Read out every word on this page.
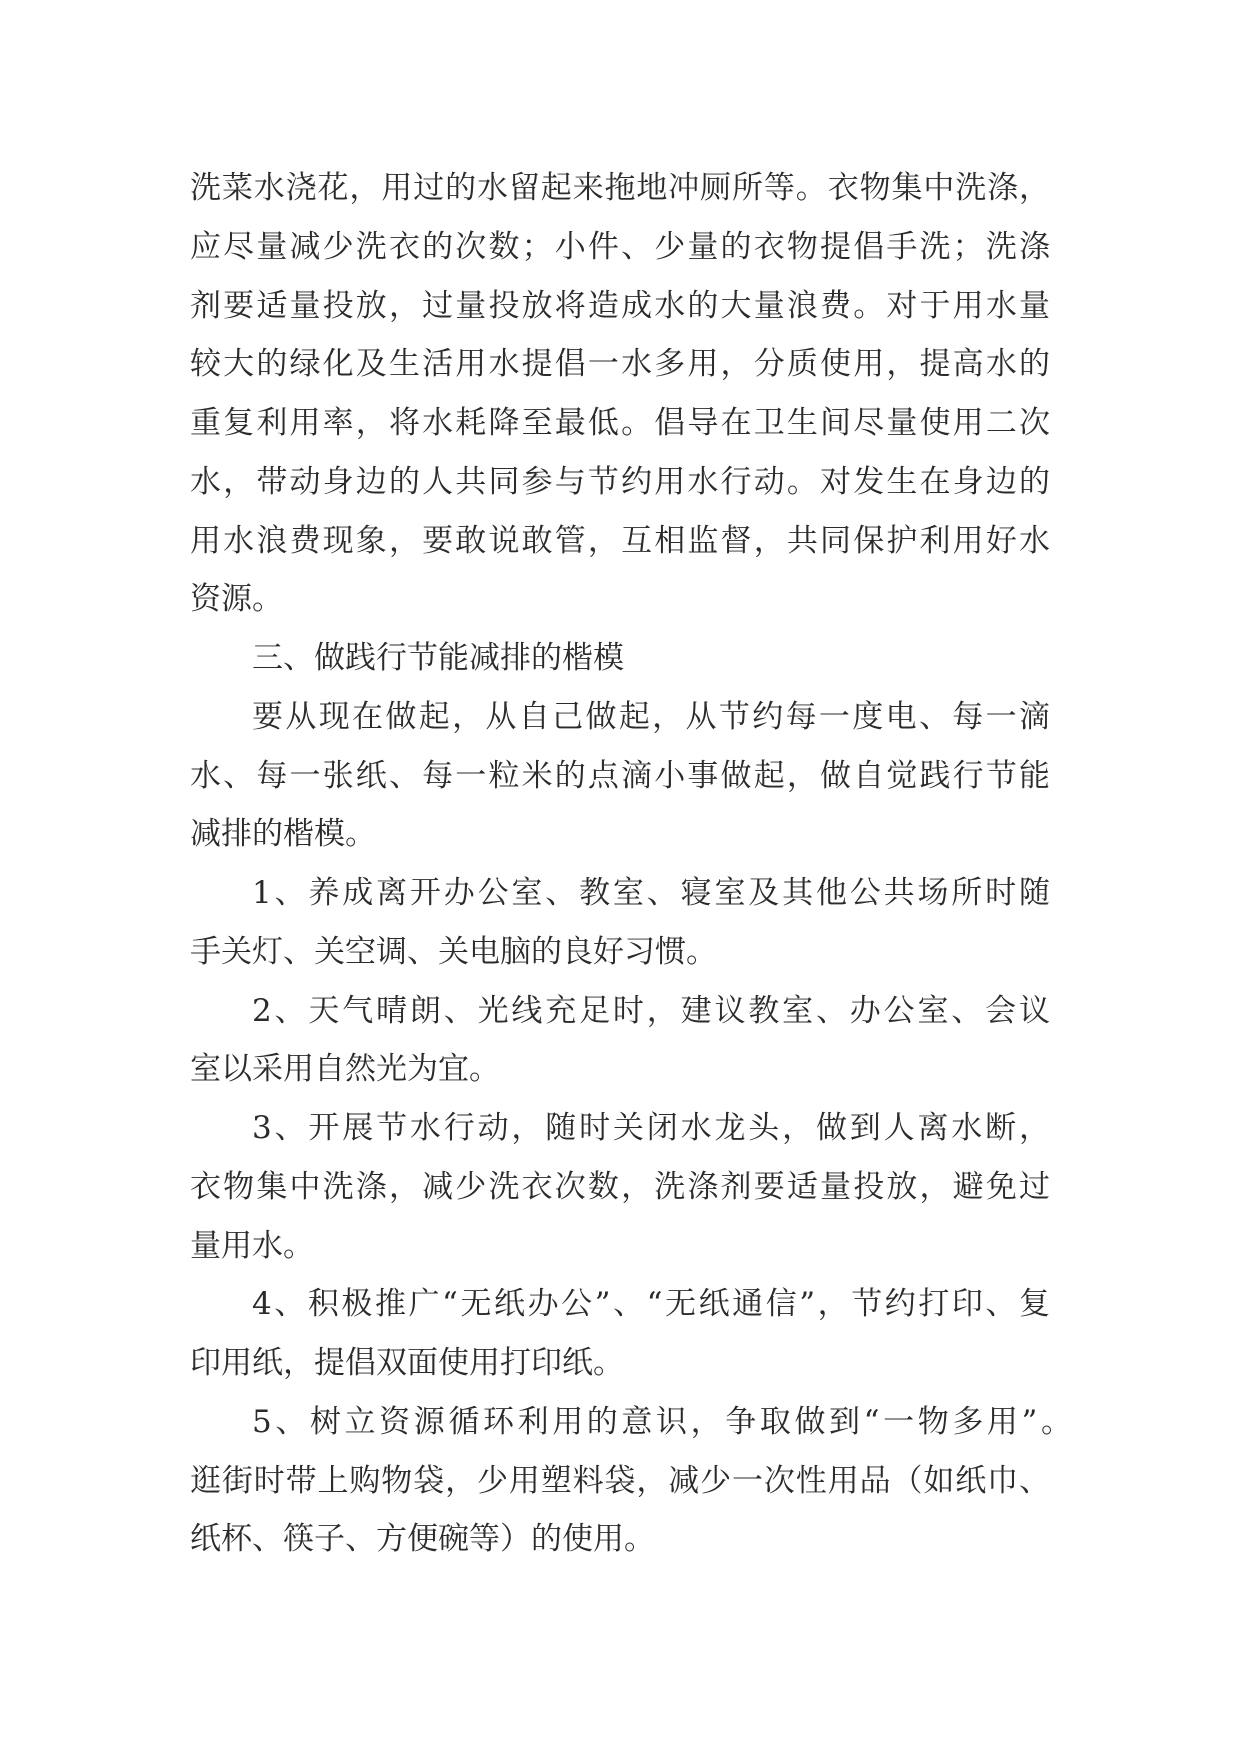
洗菜水浇花，用过的水留起来拖地冲厕所等。衣物集中洗涤，
应尽量减少洗衣的次数；小件、少量的衣物提倡手洗；洗涤
剂要适量投放，过量投放将造成水的大量浪费。对于用水量
较大的绿化及生活用水提倡一水多用，分质使用，提高水的
重复利用率，将水耗降至最低。倡导在卫生间尽量使用二次
水，带动身边的人共同参与节约用水行动。对发生在身边的
用水浪费现象，要敢说敢管，互相监督，共同保护利用好水
资源。
三、做践行节能减排的楷模
要从现在做起，从自己做起，从节约每一度电、每一滴
水、每一张纸、每一粒米的点滴小事做起，做自觉践行节能
减排的楷模。
1、养成离开办公室、教室、寝室及其他公共场所时随
手关灯、关空调、关电脑的良好习惯。
2、天气晴朗、光线充足时，建议教室、办公室、会议
室以采用自然光为宜。
3、开展节水行动，随时关闭水龙头，做到人离水断，
衣物集中洗涤，减少洗衣次数，洗涤剂要适量投放，避免过
量用水。
4、积极推广“无纸办公”、“无纸通信”，节约打印、复
印用纸，提倡双面使用打印纸。
5、树立资源循环利用的意识，争取做到“一物多用”。
逛街时带上购物袋，少用塑料袋，减少一次性用品（如纸巾、
纸杯、筷子、方便碗等）的使用。
